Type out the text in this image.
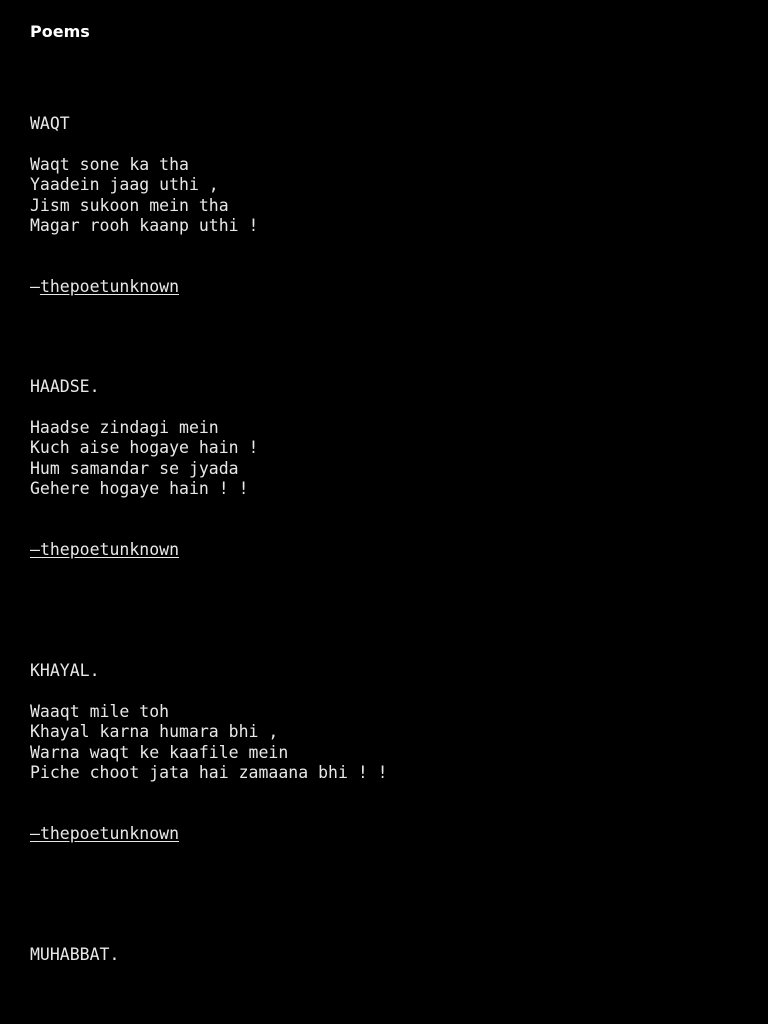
Poems
WAQT
Waqt sone ka tha
Yaadein jaag uthi ,
Jism sukoon mein tha
Magar rooh kaanp uthi !
—thepoetunknown
HAADSE.
Haadse zindagi mein
Kuch aise hogaye hain !
Hum samandar se jyada
Gehere hogaye hain ! !
—thepoetunknown
KHAYAL.
Waaqt mile toh
Khayal karna humara bhi ,
Warna waqt ke kaafile mein
Piche choot jata hai zamaana bhi ! !
—thepoetunknown
MUHABBAT.
